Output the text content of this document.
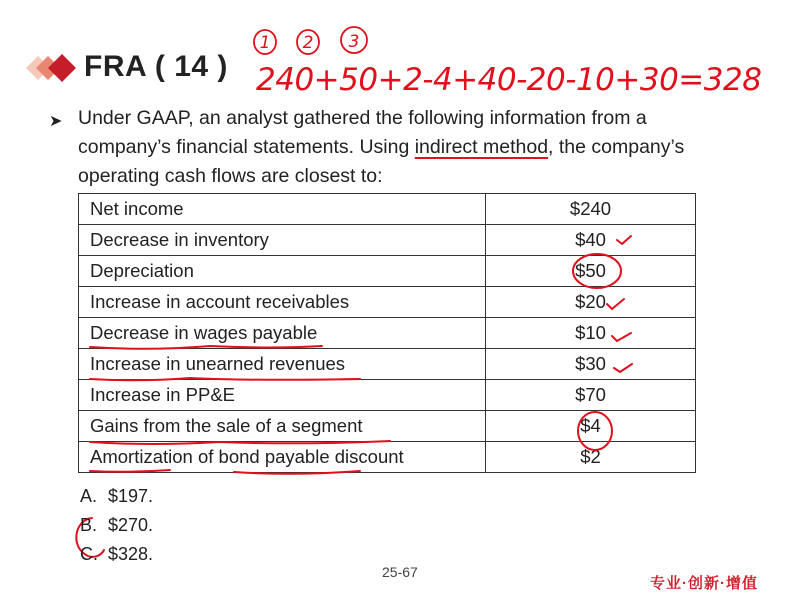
FRA ( 14 )
1 2 3
240+50+2-4+40-20-10+30=328
➤ Under GAAP, an analyst gathered the following information from a
company’s financial statements. Using indirect method, the company’s
operating cash flows are closest to:
Net income	$240
Decrease in inventory	$40
Depreciation	$50
Increase in account receivables	$20
Decrease in wages payable	$10
Increase in unearned revenues	$30
Increase in PP&E	$70
Gains from the sale of a segment	$4
Amortization of bond payable discount	$2
A. $197.
B. $270.
C. $328.
25-67
专业·创新·增值
